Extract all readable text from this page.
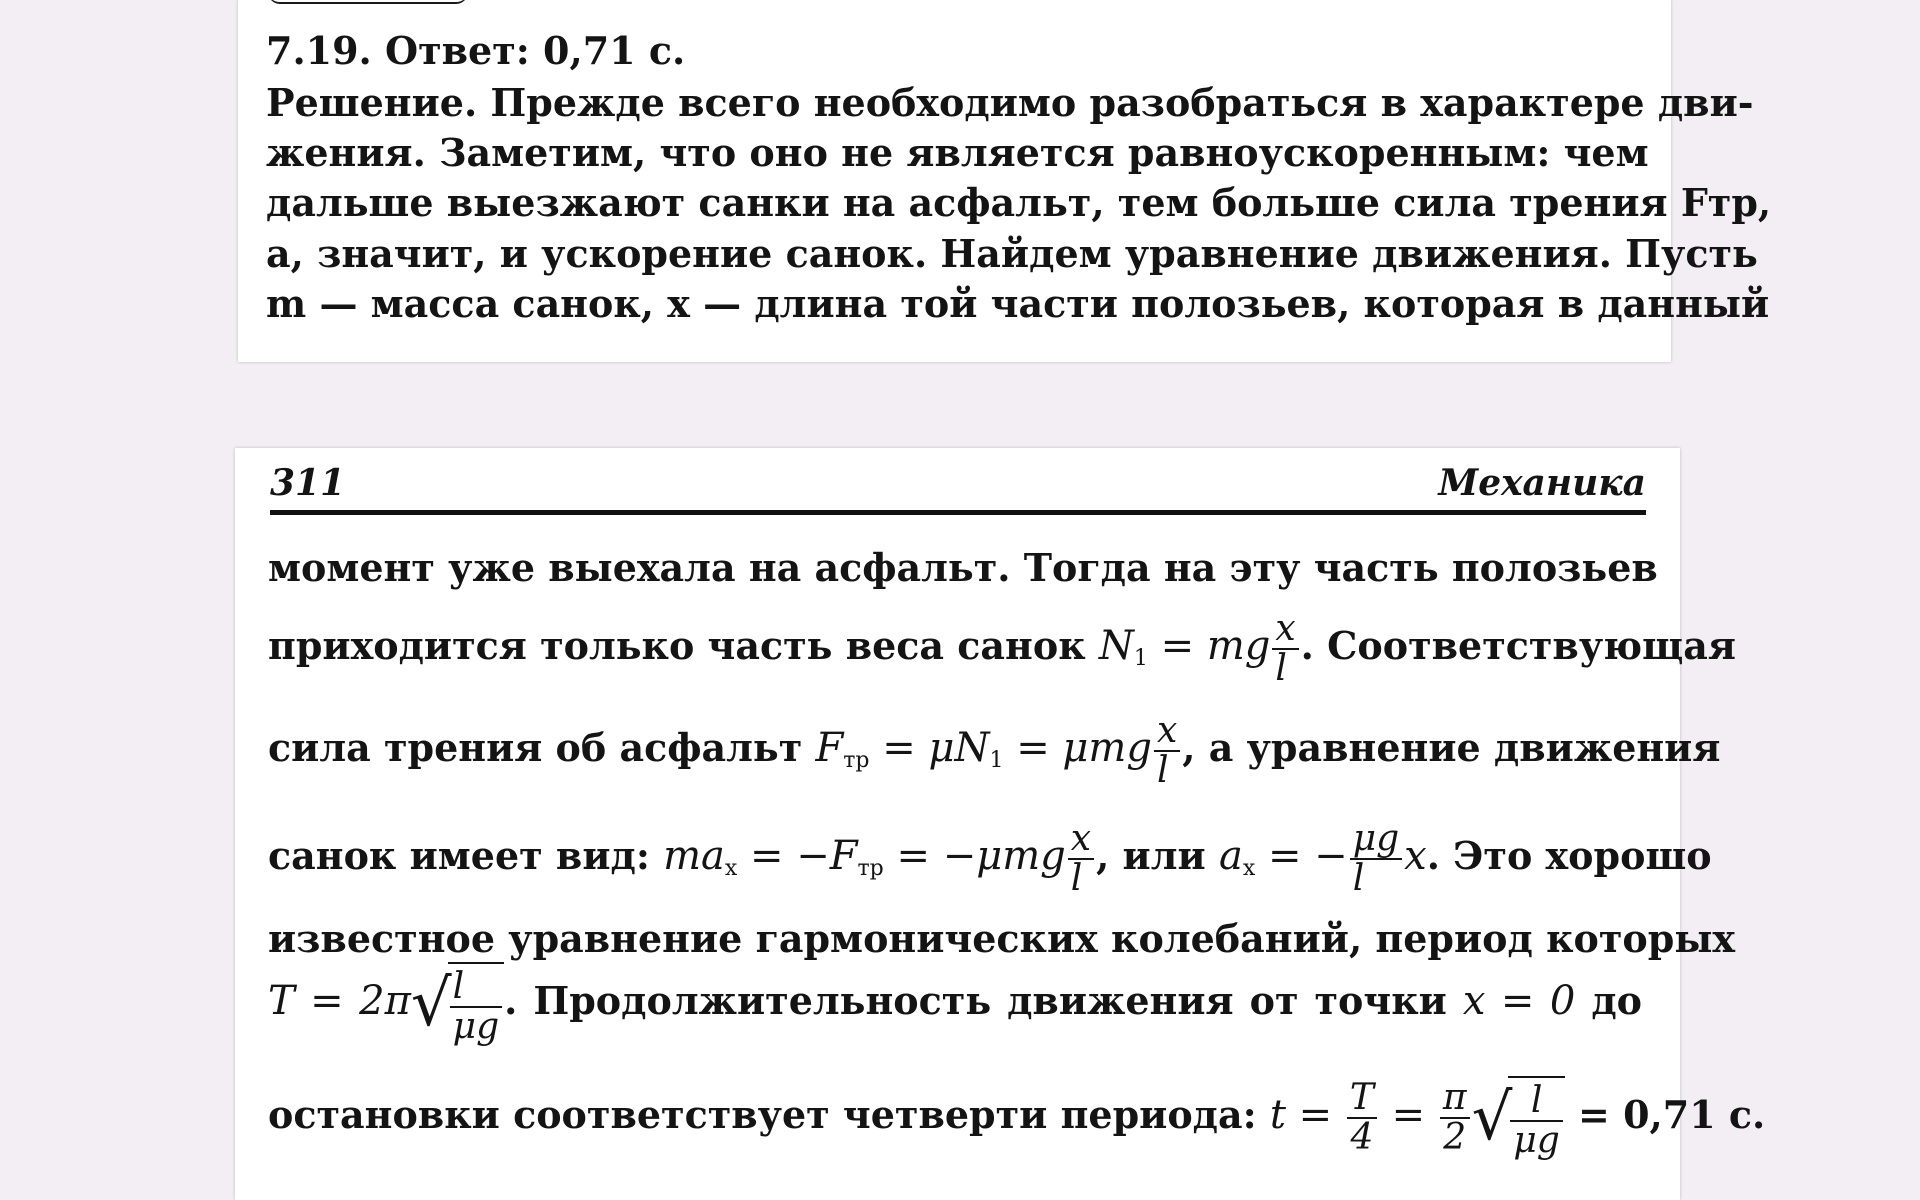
7.19. Ответ: 0,71 с.
Решение. Прежде всего необходимо разобраться в характере дви-
жения. Заметим, что оно не является равноускоренным: чем
дальше выезжают санки на асфальт, тем больше сила трения Fтр,
а, значит, и ускорение санок. Найдем уравнение движения. Пусть
m — масса санок, x — длина той части полозьев, которая в данный
311	Механика
момент уже выехала на асфальт. Тогда на эту часть полозьев
приходится только часть веса санок $N_1$ = mg $\frac{x}{l}$ . Соответствующая
сила трения об асфальт $F_{тр} = \mu N_1 = \mu mg \frac{x}{l}$ , а уравнение движения
санок имеет вид: $ma_x = -F_{тр} = -\mu mg \frac{x}{l}$ , или $a_x$ = − $\frac{\mu g}{l} x$. Это хорошо
известное уравнение гармонических колебаний, период которых
T = 2π√
$\frac{l}{\mu g}$ . Продолжительность движения от точки x = 0 до
остановки соответствует четверти периода: $t = \frac{T}{4} = \frac{\pi}{2}$ √
$\frac{l}{\mu g} = 0,71$ с.
